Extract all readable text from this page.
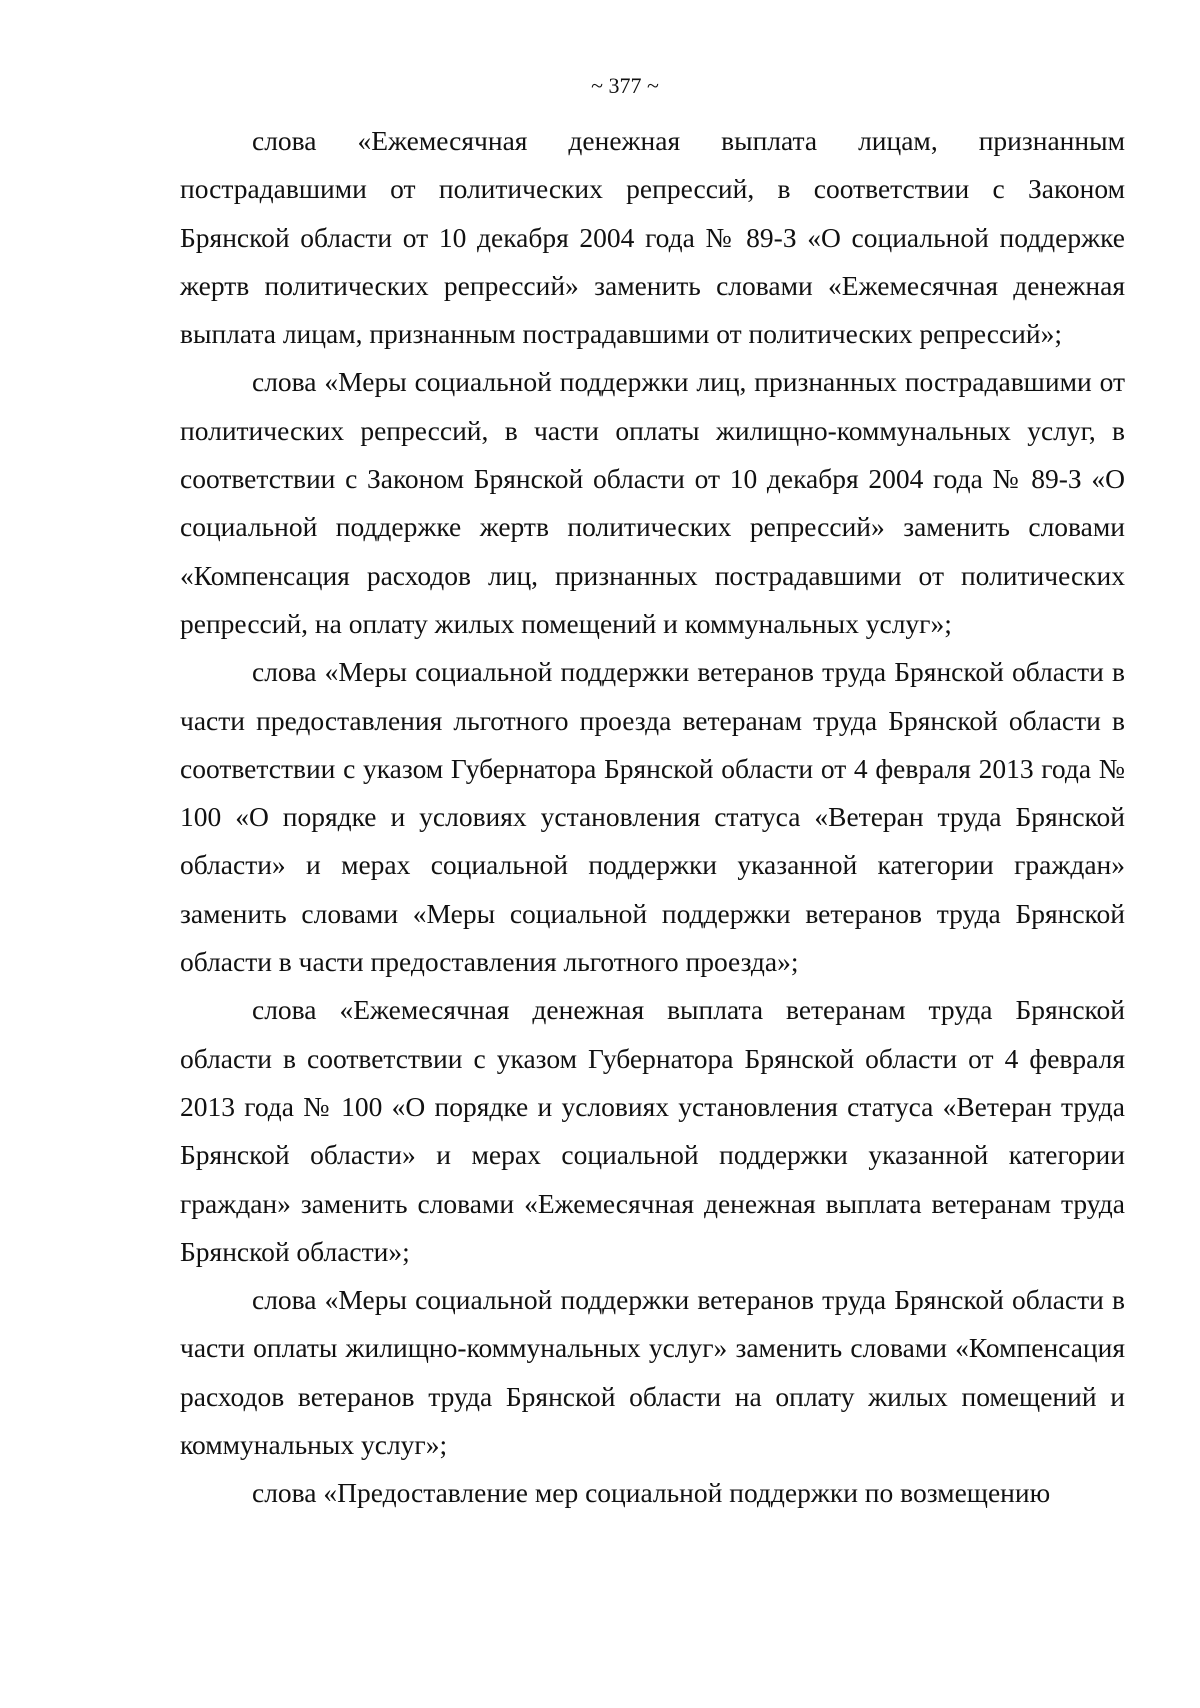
~ 377 ~

слова «Ежемесячная денежная выплата лицам, признанным пострадавшими от политических репрессий, в соответствии с Законом Брянской области от 10 декабря 2004 года № 89-З «О социальной поддержке жертв политических репрессий» заменить словами «Ежемесячная денежная выплата лицам, признанным пострадавшими от политических репрессий»;

слова «Меры социальной поддержки лиц, признанных пострадавшими от политических репрессий, в части оплаты жилищно-коммунальных услуг, в соответствии с Законом Брянской области от 10 декабря 2004 года № 89-З «О социальной поддержке жертв политических репрессий» заменить словами «Компенсация расходов лиц, признанных пострадавшими от политических репрессий, на оплату жилых помещений и коммунальных услуг»;

слова «Меры социальной поддержки ветеранов труда Брянской области в части предоставления льготного проезда ветеранам труда Брянской области в соответствии с указом Губернатора Брянской области от 4 февраля 2013 года № 100 «О порядке и условиях установления статуса «Ветеран труда Брянской области» и мерах социальной поддержки указанной категории граждан» заменить словами «Меры социальной поддержки ветеранов труда Брянской области в части предоставления льготного проезда»;

слова «Ежемесячная денежная выплата ветеранам труда Брянской области в соответствии с указом Губернатора Брянской области от 4 февраля 2013 года № 100 «О порядке и условиях установления статуса «Ветеран труда Брянской области» и мерах социальной поддержки указанной категории граждан» заменить словами «Ежемесячная денежная выплата ветеранам труда Брянской области»;

слова «Меры социальной поддержки ветеранов труда Брянской области в части оплаты жилищно-коммунальных услуг» заменить словами «Компенсация расходов ветеранов труда Брянской области на оплату жилых помещений и коммунальных услуг»;

слова «Предоставление мер социальной поддержки по возмещению
